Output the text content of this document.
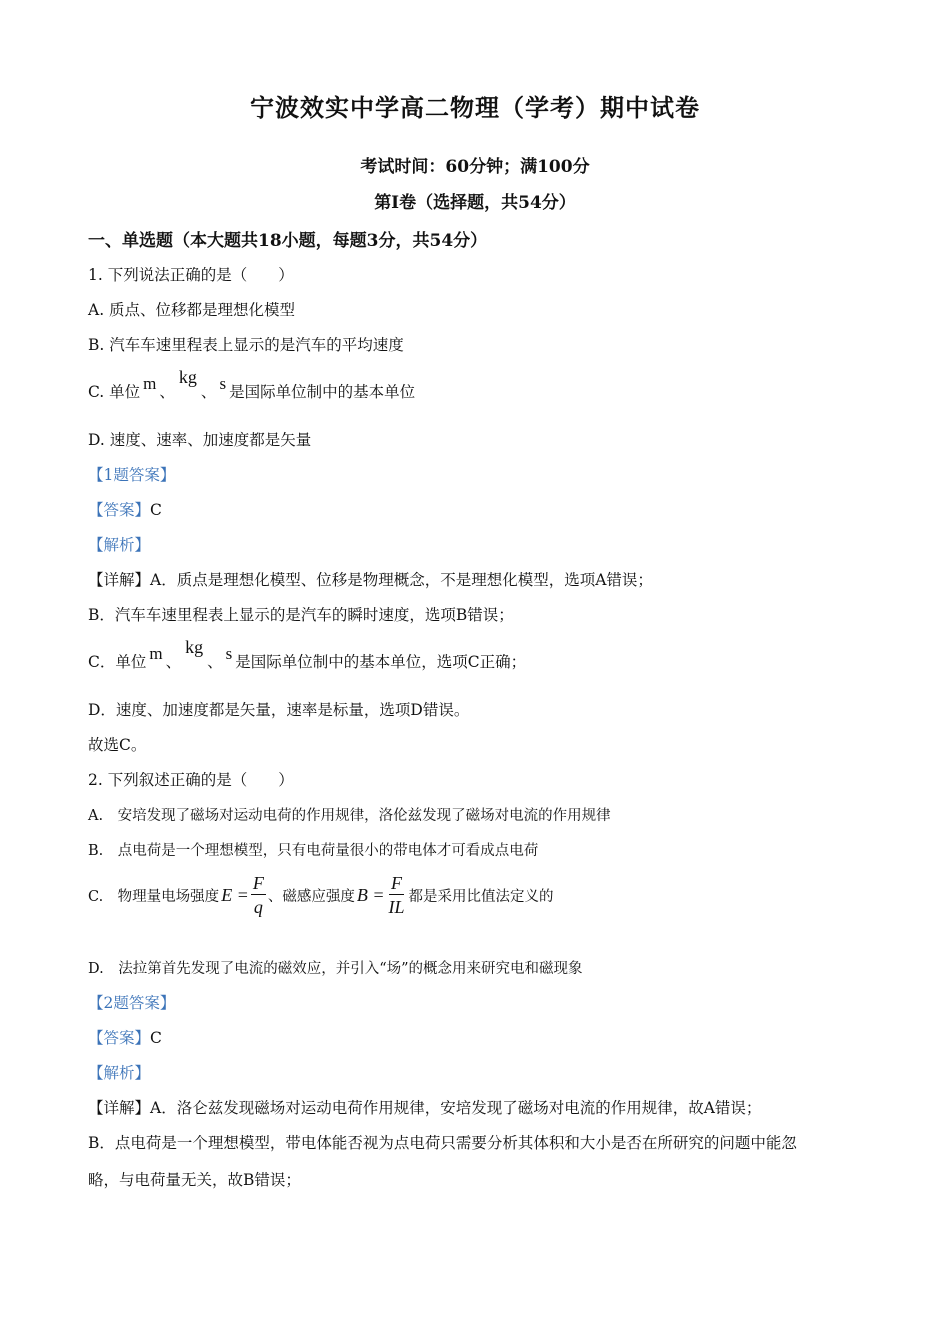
宁波效实中学高二物理（学考）期中试卷
考试时间：60分钟；满100分
第Ⅰ卷（选择题，共54分）
一、单选题（本大题共18小题，每题3分，共54分）
1. 下列说法正确的是（　　）
A. 质点、位移都是理想化模型
B. 汽车车速里程表上显示的是汽车的平均速度
C. 单位 m 、kg、 s 是国际单位制中的基本单位
D. 速度、速率、加速度都是矢量
【1题答案】
【答案】C
【解析】
【详解】A．质点是理想化模型、位移是物理概念，不是理想化模型，选项A错误；
B．汽车车速里程表上显示的是汽车的瞬时速度，选项B错误；
C．单位 m 、kg、 s 是国际单位制中的基本单位，选项C正确；
D．速度、加速度都是矢量，速率是标量，选项D错误。
故选C。
2. 下列叙述正确的是（　　）
A.　安培发现了磁场对运动电荷的作用规律，洛伦兹发现了磁场对电流的作用规律
B.　点电荷是一个理想模型，只有电荷量很小的带电体才可看成点电荷
C.　物理量电场强度 $E = \frac{F}{q}$ 、磁感应强度 $B = \frac{F}{IL}$ 都是采用比值法定义的
D.　法拉第首先发现了电流的磁效应，并引入“场”的概念用来研究电和磁现象
【2题答案】
【答案】C
【解析】
【详解】A．洛仑兹发现磁场对运动电荷作用规律，安培发现了磁场对电流的作用规律，故A错误；
B．点电荷是一个理想模型，带电体能否视为点电荷只需要分析其体积和大小是否在所研究的问题中能忽
略，与电荷量无关，故B错误；
